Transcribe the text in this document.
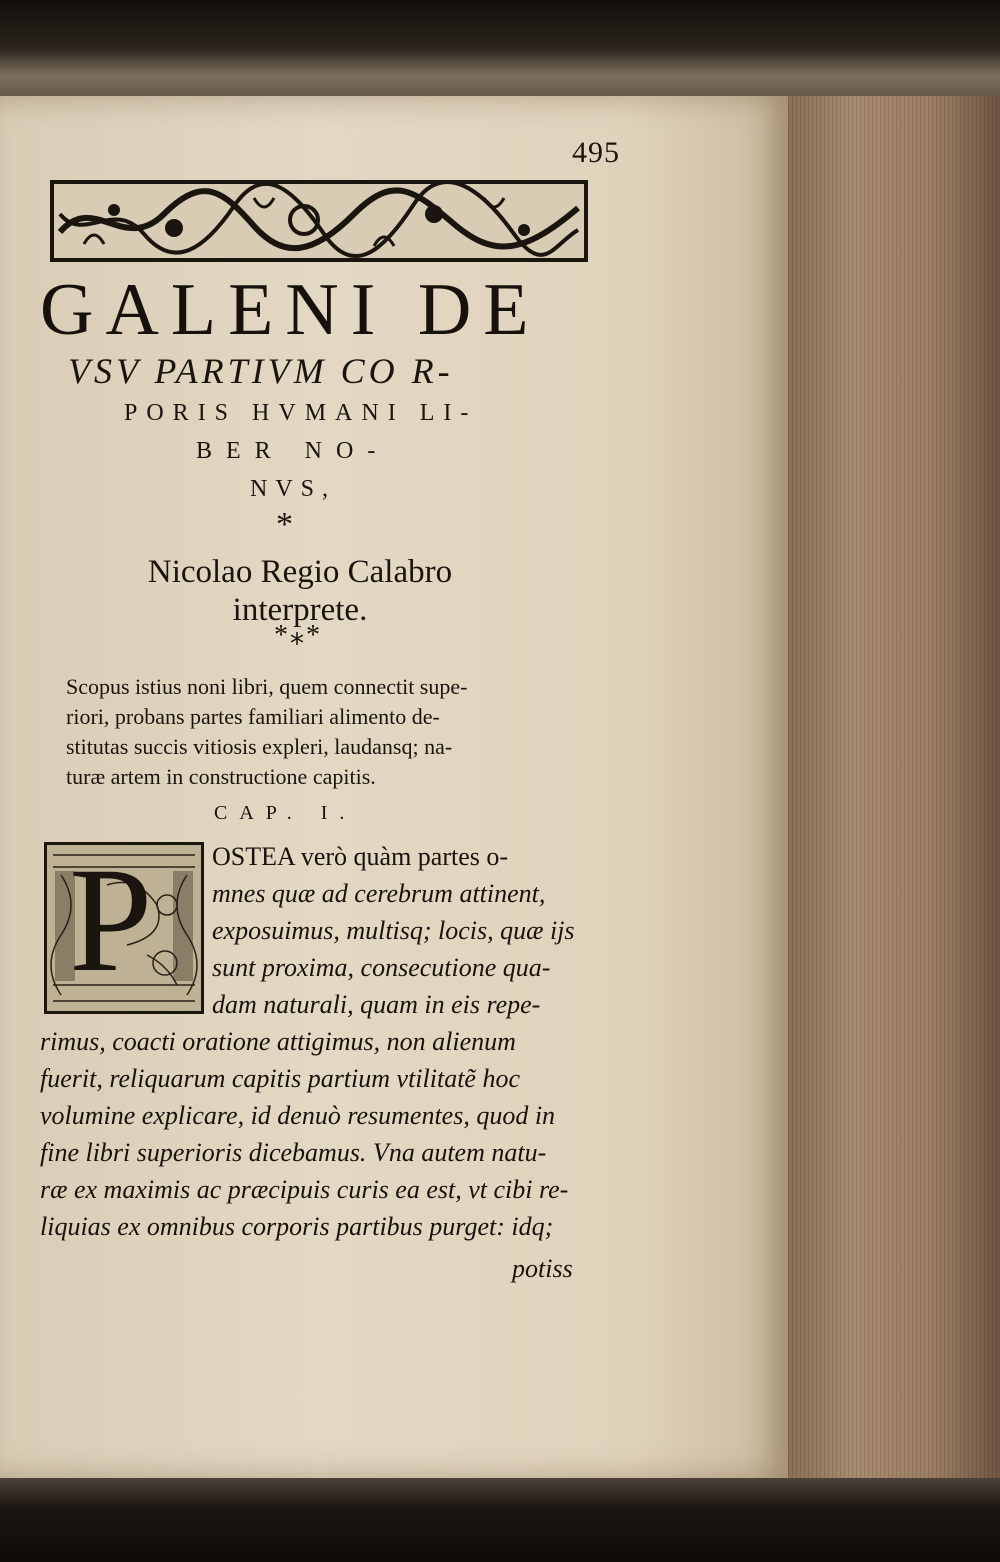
495
GALENI DE
VSV PARTIVM CO R-
PORIS HVMANI LI-
BER NO-
NVS,
*
Nicolao Regio Calabro
interprete.
*⁎*
Scopus istius noni libri, quem connectit supe-
riori, probans partes familiari alimento de-
stitutas succis vitiosis expleri, laudansq; na-
turæ artem in constructione capitis.
CAP. I.
P OSTEA verò quàm partes o-
mnes quæ ad cerebrum attinent,
exposuimus, multisq; locis, quæ ijs
sunt proxima, consecutione qua-
dam naturali, quam in eis repe-
rimus, coacti oratione attigimus, non alienum
fuerit, reliquarum capitis partium vtilitatẽ hoc
volumine explicare, id denuò resumentes, quod in
fine libri superioris dicebamus. Vna autem natu-
ræ ex maximis ac præcipuis curis ea est, vt cibi re-
liquias ex omnibus corporis partibus purget: idq;
potiss
